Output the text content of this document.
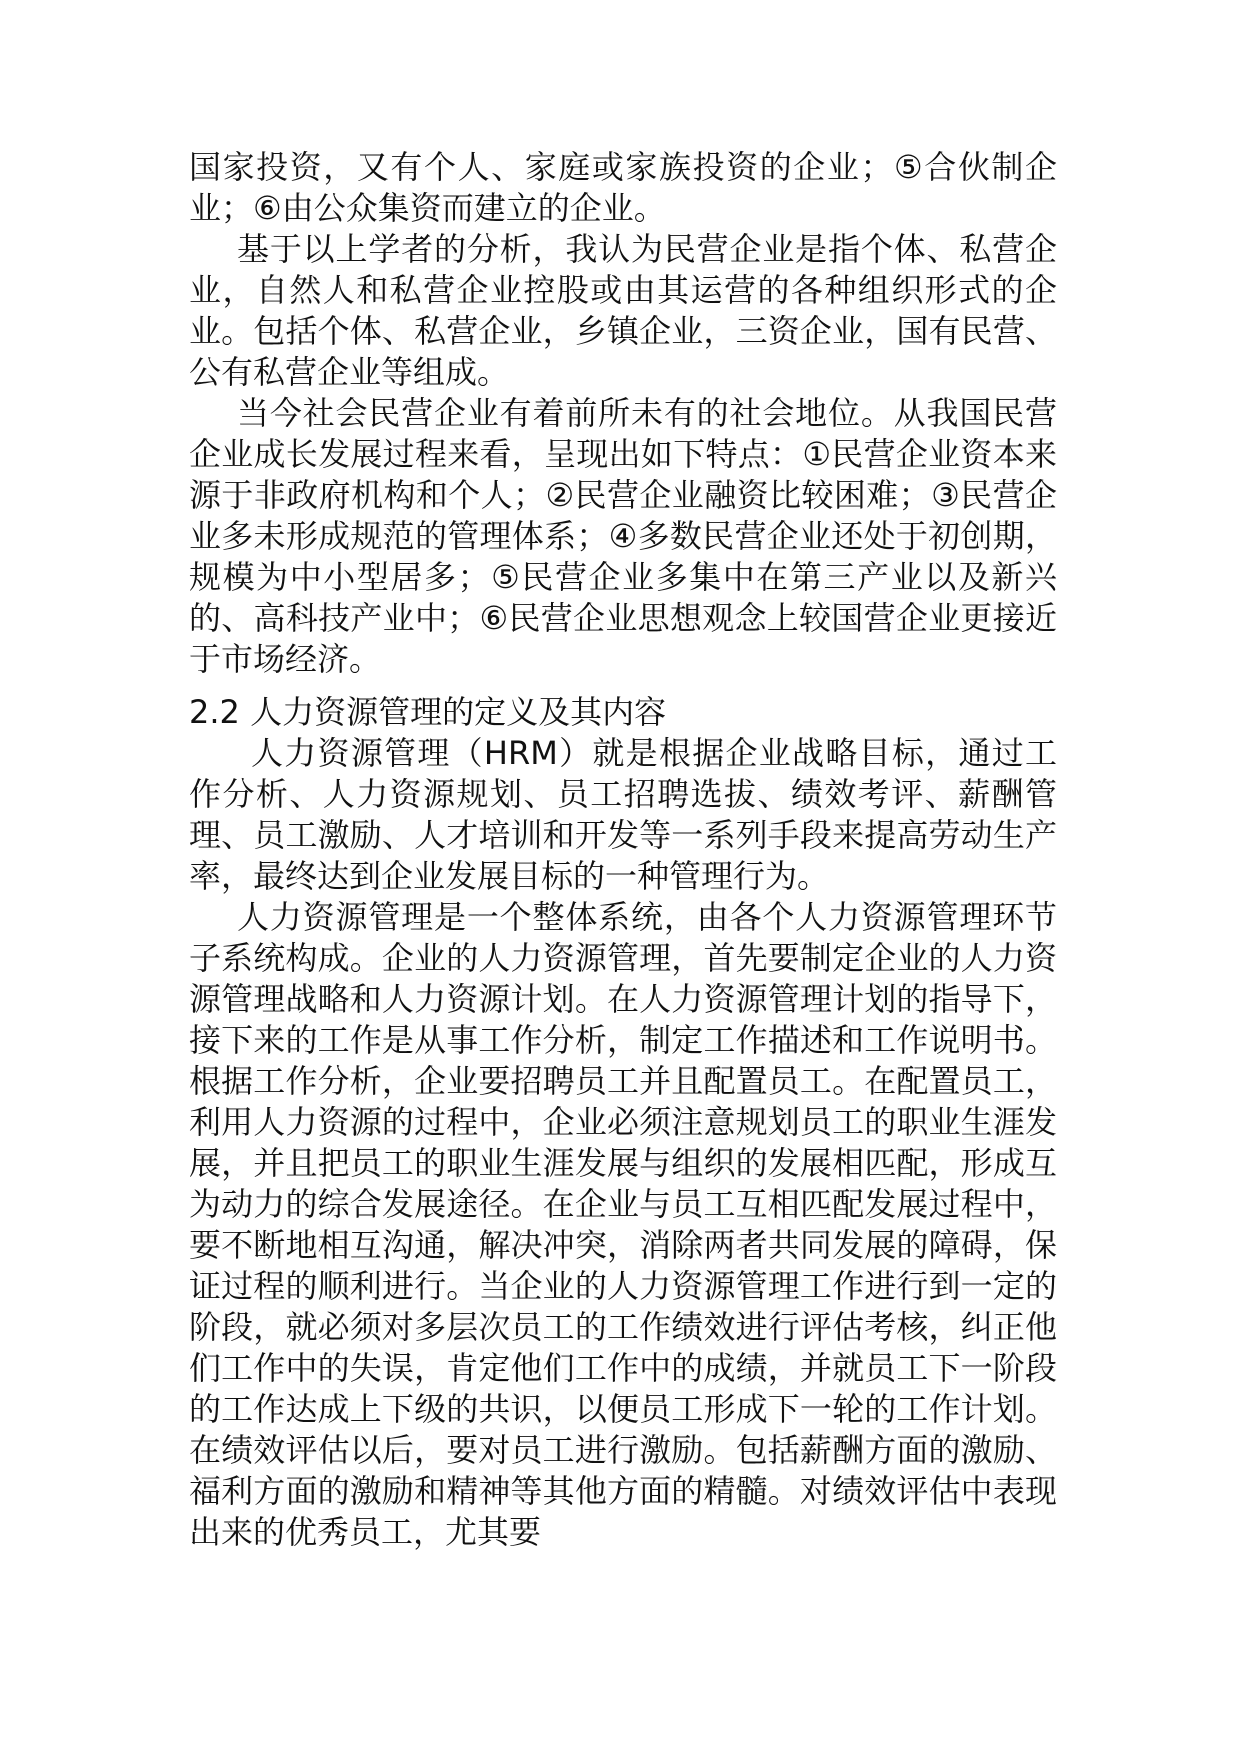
国家投资，又有个人、家庭或家族投资的企业；⑤合伙制企业；⑥由公众集资而建立的企业。

基于以上学者的分析，我认为民营企业是指个体、私营企业，自然人和私营企业控股或由其运营的各种组织形式的企业。包括个体、私营企业，乡镇企业，三资企业，国有民营、公有私营企业等组成。

当今社会民营企业有着前所未有的社会地位。从我国民营企业成长发展过程来看，呈现出如下特点：①民营企业资本来源于非政府机构和个人；②民营企业融资比较困难；③民营企业多未形成规范的管理体系；④多数民营企业还处于初创期，规模为中小型居多；⑤民营企业多集中在第三产业以及新兴的、高科技产业中；⑥民营企业思想观念上较国营企业更接近于市场经济。

2.2 人力资源管理的定义及其内容

人力资源管理（HRM）就是根据企业战略目标，通过工作分析、人力资源规划、员工招聘选拔、绩效考评、薪酬管理、员工激励、人才培训和开发等一系列手段来提高劳动生产率，最终达到企业发展目标的一种管理行为。

人力资源管理是一个整体系统，由各个人力资源管理环节子系统构成。企业的人力资源管理，首先要制定企业的人力资源管理战略和人力资源计划。在人力资源管理计划的指导下，接下来的工作是从事工作分析，制定工作描述和工作说明书。根据工作分析，企业要招聘员工并且配置员工。在配置员工，利用人力资源的过程中，企业必须注意规划员工的职业生涯发展，并且把员工的职业生涯发展与组织的发展相匹配，形成互为动力的综合发展途径。在企业与员工互相匹配发展过程中，要不断地相互沟通，解决冲突，消除两者共同发展的障碍，保证过程的顺利进行。当企业的人力资源管理工作进行到一定的阶段，就必须对多层次员工的工作绩效进行评估考核，纠正他们工作中的失误，肯定他们工作中的成绩，并就员工下一阶段的工作达成上下级的共识，以便员工形成下一轮的工作计划。在绩效评估以后，要对员工进行激励。包括薪酬方面的激励、福利方面的激励和精神等其他方面的精髓。对绩效评估中表现出来的优秀员工，尤其要
